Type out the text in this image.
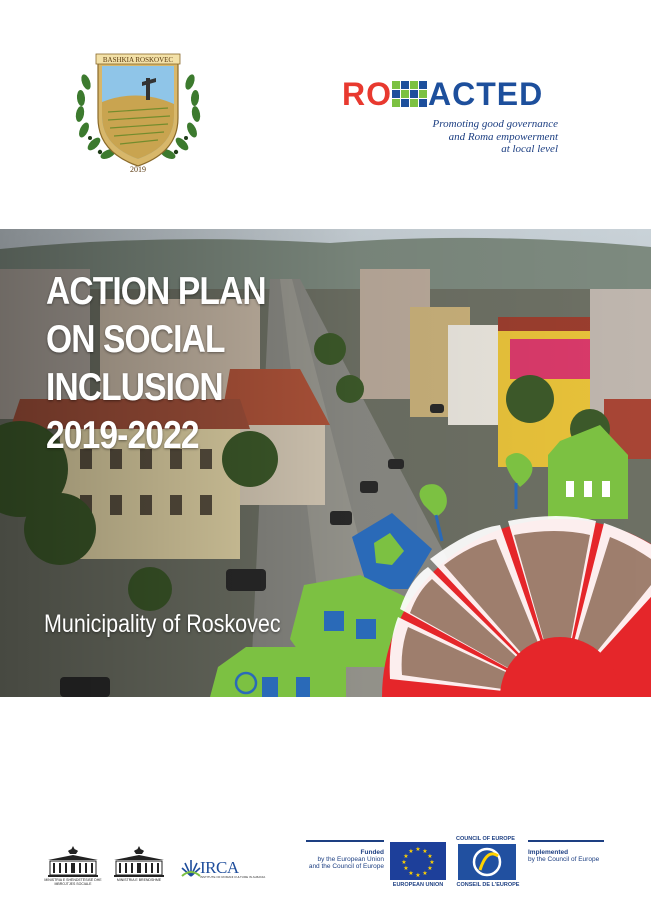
BASHKIA ROSKOVEC
2019
RO ACTED
Promoting good governance
and Roma empowerment
at local level
ACTION PLAN
ON SOCIAL
INCLUSION
2019-2022
Municipality of Roskovec
MINISTRIA E SHËNDETËSISË DHE MBROJTJES SOCIALE
MINISTRIA E BRENDSHME
IRCA
INSTITUTE OF ROMANI CULTURE IN ALBANIA
Funded
by the European Union
and the Council of Europe
★ ★
★
★
★
★
★
★
★
★
★
★
EUROPEAN UNION
COUNCIL OF EUROPE
CONSEIL DE L'EUROPE
Implemented
by the Council of Europe
